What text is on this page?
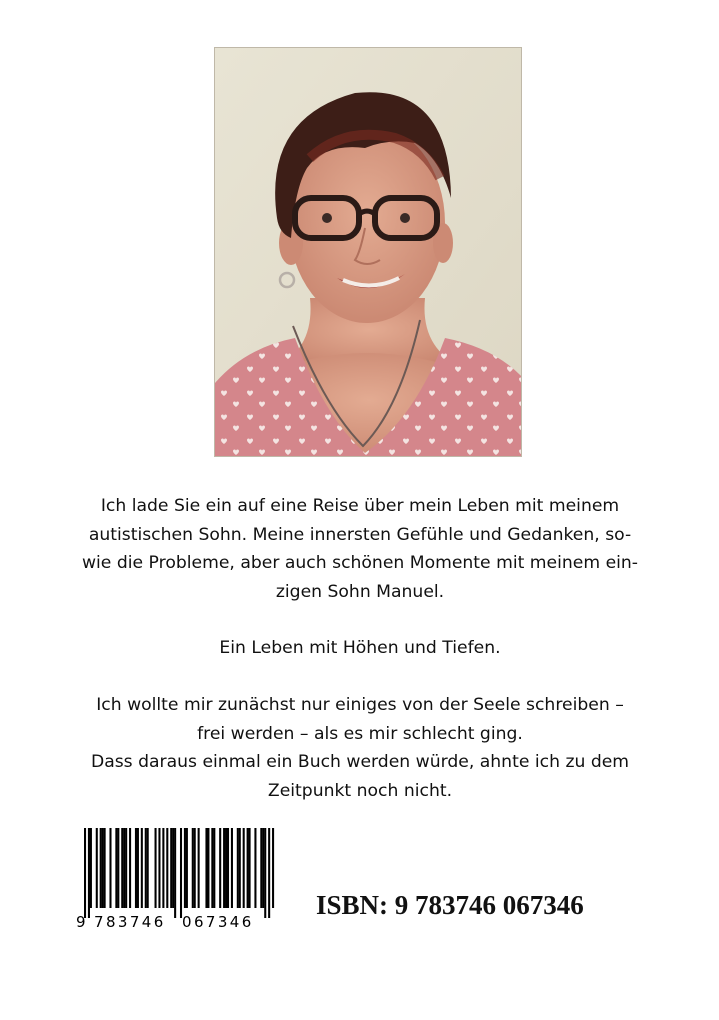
Ich lade Sie ein auf eine Reise über mein Leben mit meinem
autistischen Sohn. Meine innersten Gefühle und Gedanken, so-
wie die Probleme, aber auch schönen Momente mit meinem ein-
zigen Sohn Manuel.

Ein Leben mit Höhen und Tiefen.

Ich wollte mir zunächst nur einiges von der Seele schreiben –
frei werden – als es mir schlecht ging.
Dass daraus einmal ein Buch werden würde, ahnte ich zu dem
Zeitpunkt noch nicht.

9 783746 067346
ISBN: 9 783746 067346
